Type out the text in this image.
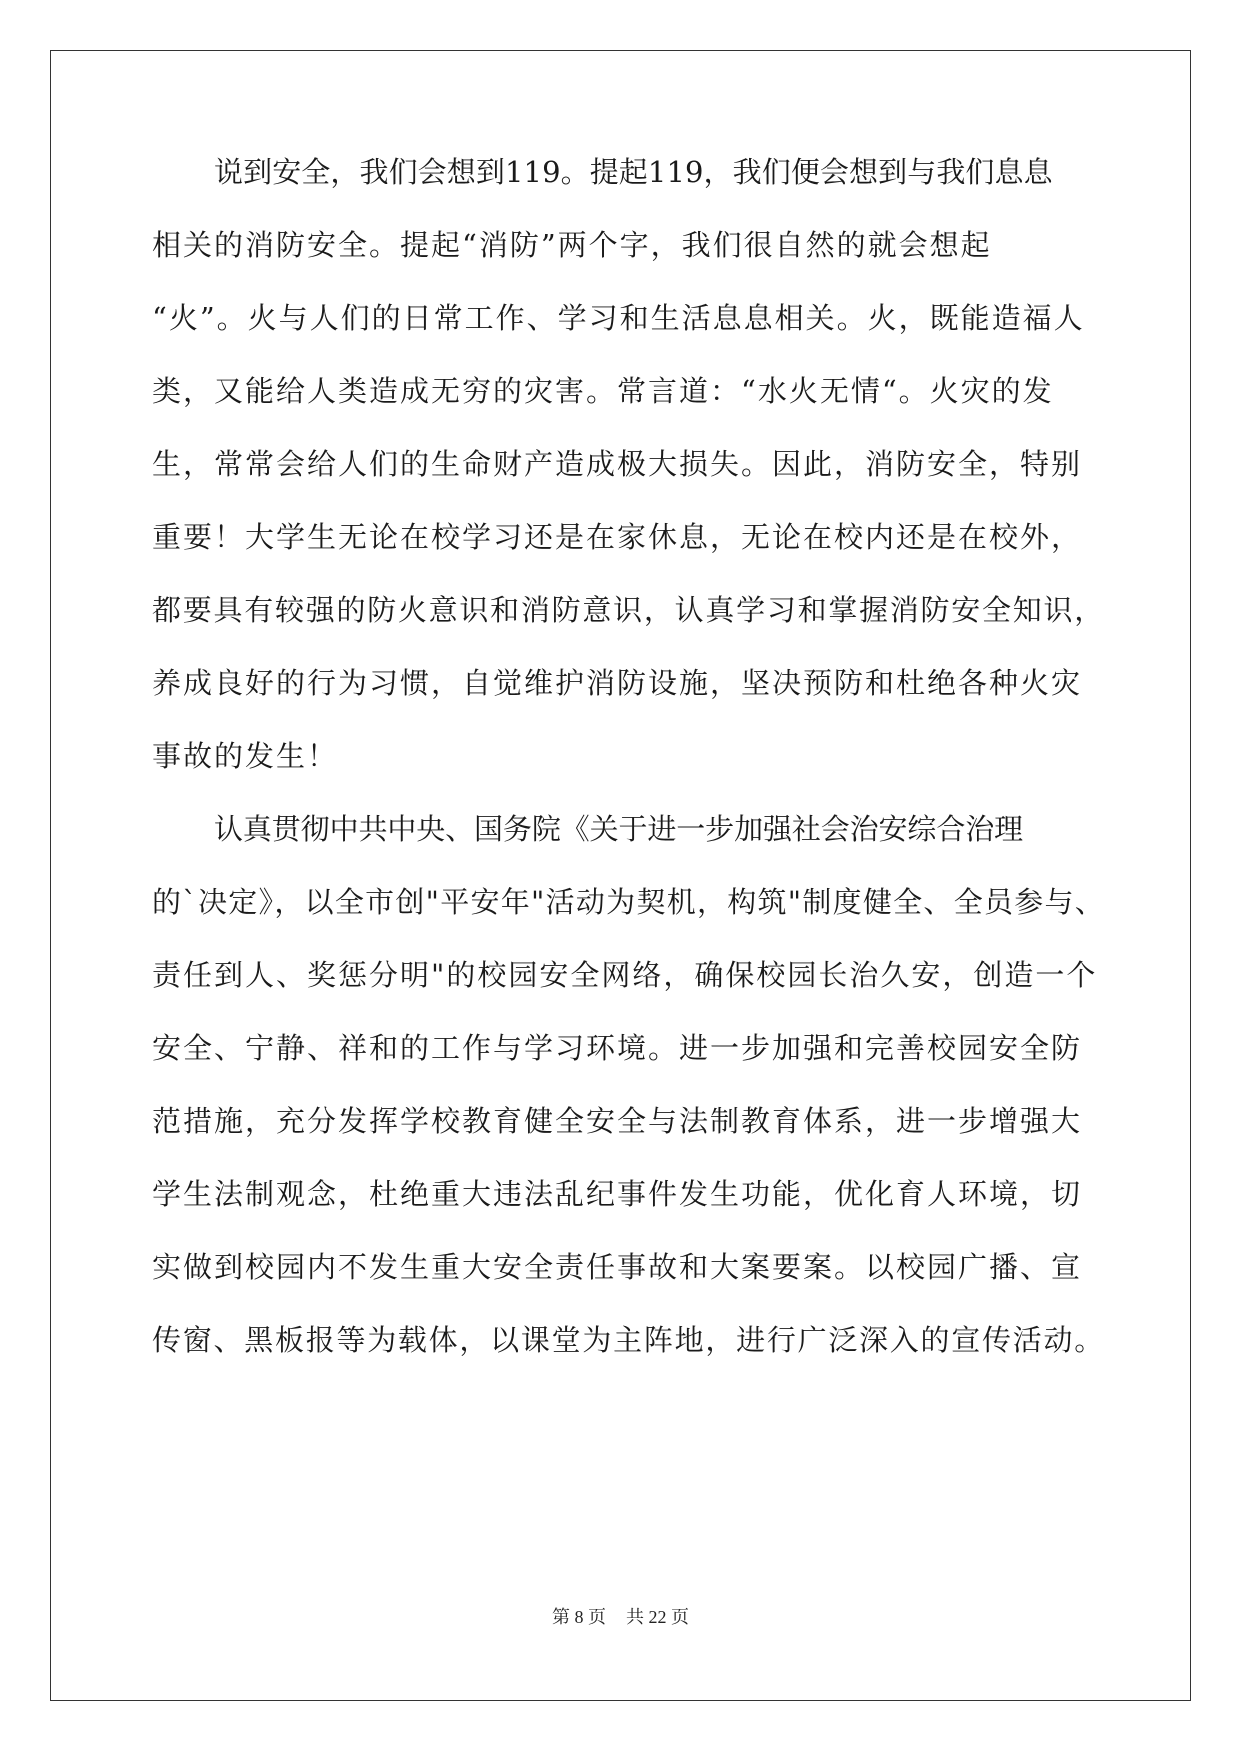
说到安全，我们会想到119。提起119，我们便会想到与我们息息
相关的消防安全。提起“消防”两个字，我们很自然的就会想起
“火”。火与人们的日常工作、学习和生活息息相关。火，既能造福人
类，又能给人类造成无穷的灾害。常言道：“水火无情“。火灾的发
生，常常会给人们的生命财产造成极大损失。因此，消防安全，特别
重要！大学生无论在校学习还是在家休息，无论在校内还是在校外，
都要具有较强的防火意识和消防意识，认真学习和掌握消防安全知识，
养成良好的行为习惯，自觉维护消防设施，坚决预防和杜绝各种火灾
事故的发生！
认真贯彻中共中央、国务院《关于进一步加强社会治安综合治理
的`决定》，以全市创"平安年"活动为契机，构筑"制度健全、全员参与、
责任到人、奖惩分明"的校园安全网络，确保校园长治久安，创造一个
安全、宁静、祥和的工作与学习环境。进一步加强和完善校园安全防
范措施，充分发挥学校教育健全安全与法制教育体系，进一步增强大
学生法制观念，杜绝重大违法乱纪事件发生功能，优化育人环境，切
实做到校园内不发生重大安全责任事故和大案要案。以校园广播、宣
传窗、黑板报等为载体，以课堂为主阵地，进行广泛深入的宣传活动。
第 8 页 共 22 页
